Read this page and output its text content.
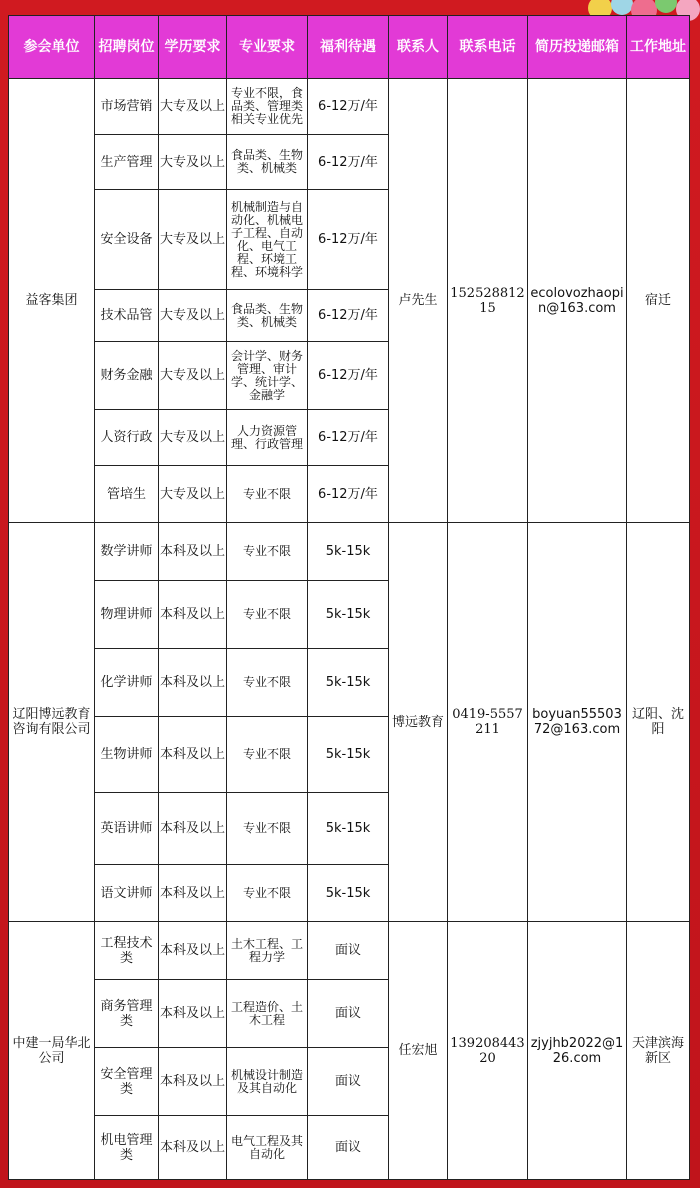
参会单位	招聘岗位	学历要求	专业要求	福利待遇	联系人	联系电话	简历投递邮箱	工作地址
益客集团	市场营销	大专及以上	专业不限，食品类、管理类相关专业优先	6-12万/年	卢先生	15252881215	ecolovozhaopin@163.com	宿迁
	生产管理	大专及以上	食品类、生物类、机械类	6-12万/年				
	安全设备	大专及以上	机械制造与自动化、机械电子工程、自动化、电气工程、环境工程、环境科学	6-12万/年				
	技术品管	大专及以上	食品类、生物类、机械类	6-12万/年				
	财务金融	大专及以上	会计学、财务管理、审计学、统计学、金融学	6-12万/年				
	人资行政	大专及以上	人力资源管理、行政管理	6-12万/年				
	管培生	大专及以上	专业不限	6-12万/年				
辽阳博远教育咨询有限公司	数学讲师	本科及以上	专业不限	5k-15k	博远教育	0419-5557211	boyuan5550372@163.com	辽阳、沈阳
	物理讲师	本科及以上	专业不限	5k-15k				
	化学讲师	本科及以上	专业不限	5k-15k				
	生物讲师	本科及以上	专业不限	5k-15k				
	英语讲师	本科及以上	专业不限	5k-15k				
	语文讲师	本科及以上	专业不限	5k-15k				
中建一局华北公司	工程技术类	本科及以上	土木工程、工程力学	面议	任宏旭	13920844320	zjyjhb2022@126.com	天津滨海新区
	商务管理类	本科及以上	工程造价、土木工程	面议				
	安全管理类	本科及以上	机械设计制造及其自动化	面议				
	机电管理类	本科及以上	电气工程及其自动化	面议				
